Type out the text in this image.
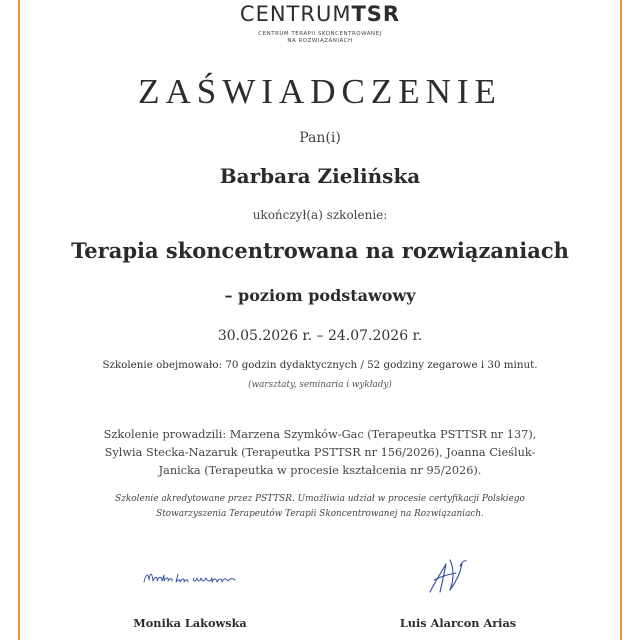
CENTRUMTSR
CENTRUM TERAPII SKONCENTROWANEJ
NA ROZWIĄZANIACH
ZAŚWIADCZENIE
Pan(i)
Barbara Zielińska
ukończył(a) szkolenie:
Terapia skoncentrowana na rozwiązaniach
– poziom podstawowy
30.05.2026 r. – 24.07.2026 r.
Szkolenie obejmowało: 70 godzin dydaktycznych / 52 godziny zegarowe i 30 minut.
(warsztaty, seminaria i wykłady)
Szkolenie prowadzili: Marzena Szymków-Gac (Terapeutka PSTTSR nr 137),
Sylwia Stecka-Nazaruk (Terapeutka PSTTSR nr 156/2026), Joanna Cieśluk-
Janicka (Terapeutka w procesie kształcenia nr 95/2026).
Szkolenie akredytowane przez PSTTSR. Umożliwia udział w procesie certyfikacji Polskiego
Stowarzyszenia Terapeutów Terapii Skoncentrowanej na Rozwiązaniach.
Monika Lakowska	Luis Alarcon Arias
